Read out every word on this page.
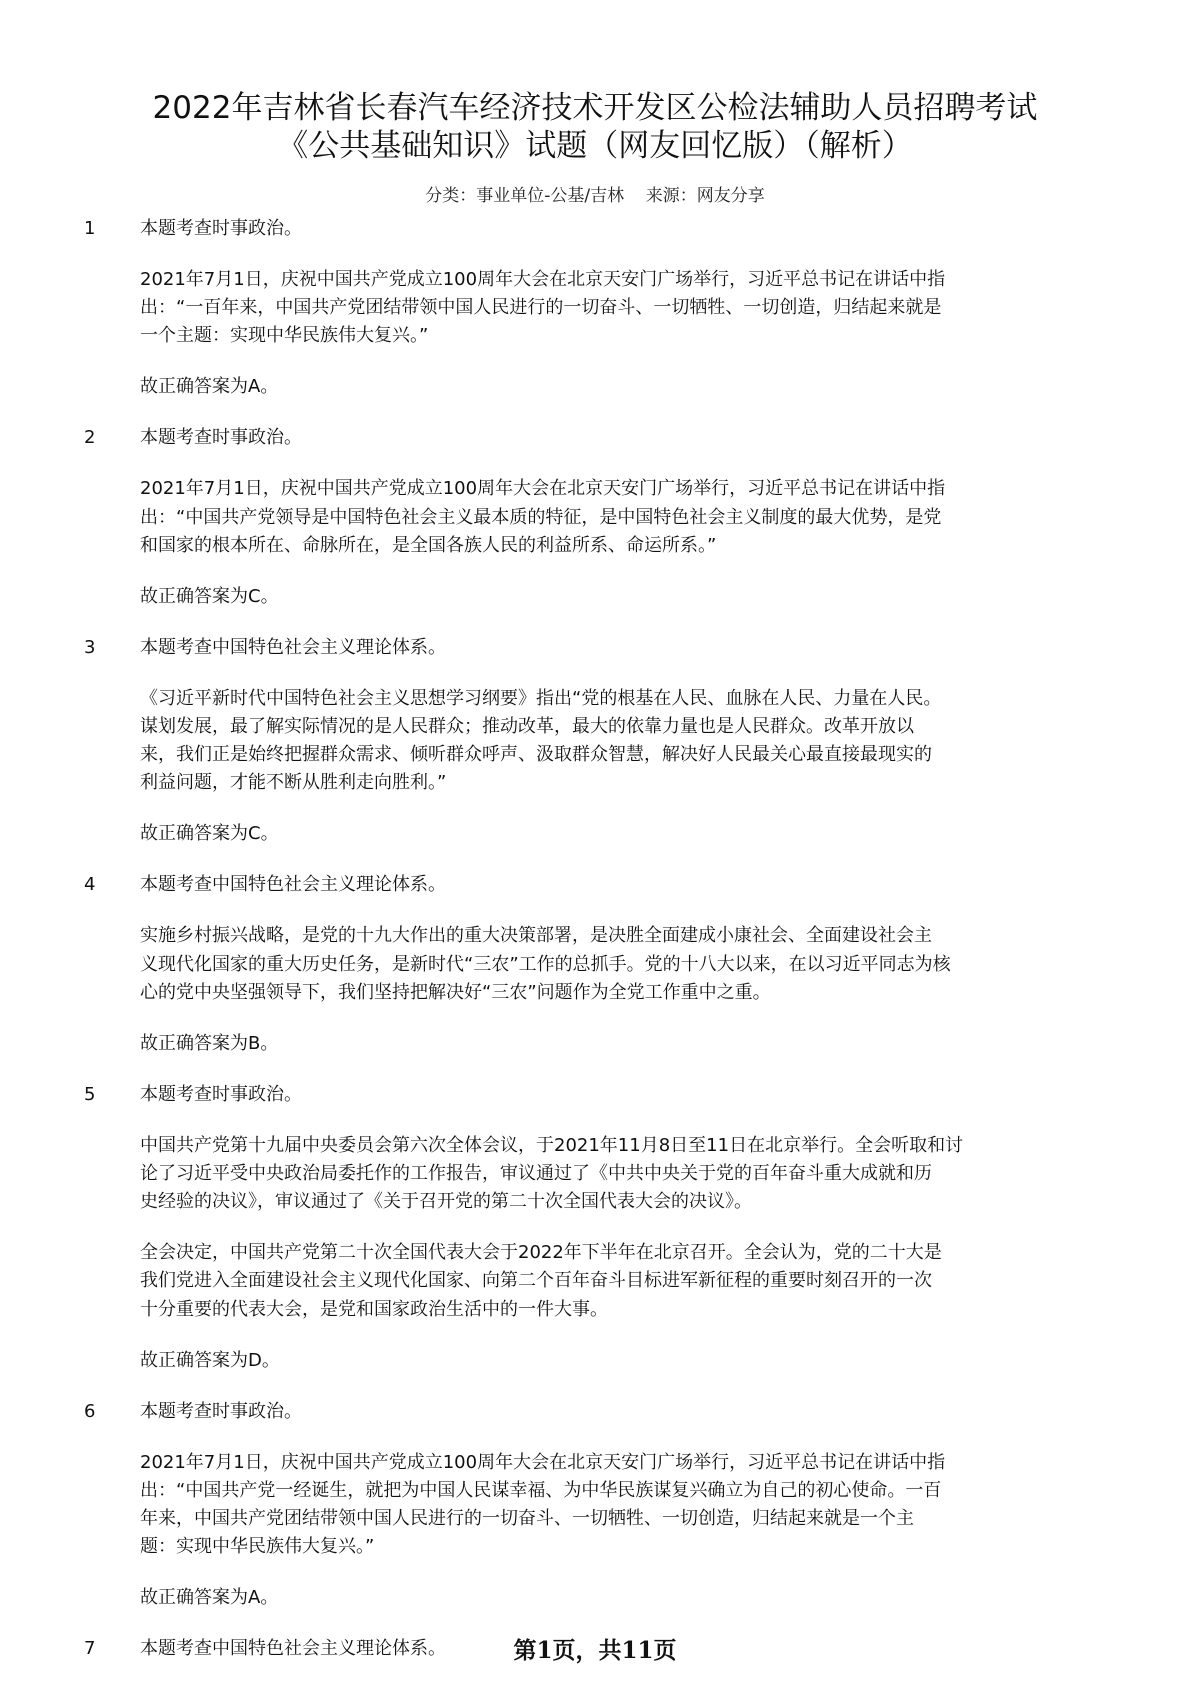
2022年吉林省长春汽车经济技术开发区公检法辅助人员招聘考试
《公共基础知识》试题（网友回忆版）（解析）
分类：事业单位-公基/吉林 来源：网友分享
1 本题考查时事政治。
2021年7月1日，庆祝中国共产党成立100周年大会在北京天安门广场举行，习近平总书记在讲话中指
出：“一百年来，中国共产党团结带领中国人民进行的一切奋斗、一切牺牲、一切创造，归结起来就是
一个主题：实现中华民族伟大复兴。”
故正确答案为A。
2 本题考查时事政治。
2021年7月1日，庆祝中国共产党成立100周年大会在北京天安门广场举行，习近平总书记在讲话中指
出：“中国共产党领导是中国特色社会主义最本质的特征，是中国特色社会主义制度的最大优势，是党
和国家的根本所在、命脉所在，是全国各族人民的利益所系、命运所系。”
故正确答案为C。
3 本题考查中国特色社会主义理论体系。
《习近平新时代中国特色社会主义思想学习纲要》指出“党的根基在人民、血脉在人民、力量在人民。
谋划发展，最了解实际情况的是人民群众；推动改革，最大的依靠力量也是人民群众。改革开放以
来，我们正是始终把握群众需求、倾听群众呼声、汲取群众智慧，解决好人民最关心最直接最现实的
利益问题，才能不断从胜利走向胜利。”
故正确答案为C。
4 本题考查中国特色社会主义理论体系。
实施乡村振兴战略，是党的十九大作出的重大决策部署，是决胜全面建成小康社会、全面建设社会主
义现代化国家的重大历史任务，是新时代“三农”工作的总抓手。党的十八大以来，在以习近平同志为核
心的党中央坚强领导下，我们坚持把解决好“三农”问题作为全党工作重中之重。
故正确答案为B。
5 本题考查时事政治。
中国共产党第十九届中央委员会第六次全体会议，于2021年11月8日至11日在北京举行。全会听取和讨
论了习近平受中央政治局委托作的工作报告，审议通过了《中共中央关于党的百年奋斗重大成就和历
史经验的决议》，审议通过了《关于召开党的第二十次全国代表大会的决议》。
全会决定，中国共产党第二十次全国代表大会于2022年下半年在北京召开。全会认为，党的二十大是
我们党进入全面建设社会主义现代化国家、向第二个百年奋斗目标进军新征程的重要时刻召开的一次
十分重要的代表大会，是党和国家政治生活中的一件大事。
故正确答案为D。
6 本题考查时事政治。
2021年7月1日，庆祝中国共产党成立100周年大会在北京天安门广场举行，习近平总书记在讲话中指
出：“中国共产党一经诞生，就把为中国人民谋幸福、为中华民族谋复兴确立为自己的初心使命。一百
年来，中国共产党团结带领中国人民进行的一切奋斗、一切牺牲、一切创造，归结起来就是一个主
题：实现中华民族伟大复兴。”
故正确答案为A。
7 本题考查中国特色社会主义理论体系。	第1页，共11页
